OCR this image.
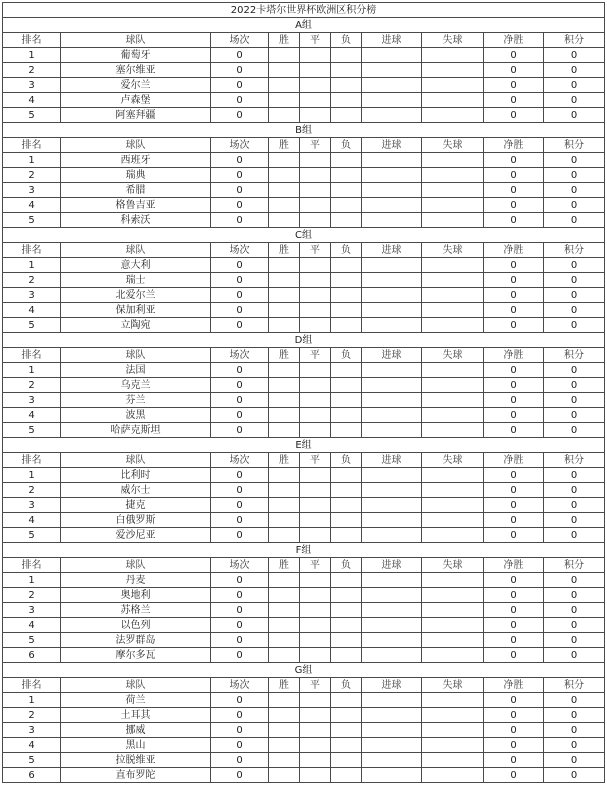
2022卡塔尔世界杯欧洲区积分榜									
A组									
排名	球队	场次	胜	平	负	进球	失球	净胜	积分
1	葡萄牙	0						0	0
2	塞尔维亚	0						0	0
3	爱尔兰	0						0	0
4	卢森堡	0						0	0
5	阿塞拜疆	0						0	0
B组									
排名	球队	场次	胜	平	负	进球	失球	净胜	积分
1	西班牙	0						0	0
2	瑞典	0						0	0
3	希腊	0						0	0
4	格鲁吉亚	0						0	0
5	科索沃	0						0	0
C组									
排名	球队	场次	胜	平	负	进球	失球	净胜	积分
1	意大利	0						0	0
2	瑞士	0						0	0
3	北爱尔兰	0						0	0
4	保加利亚	0						0	0
5	立陶宛	0						0	0
D组									
排名	球队	场次	胜	平	负	进球	失球	净胜	积分
1	法国	0						0	0
2	乌克兰	0						0	0
3	芬兰	0						0	0
4	波黑	0						0	0
5	哈萨克斯坦	0						0	0
E组									
排名	球队	场次	胜	平	负	进球	失球	净胜	积分
1	比利时	0						0	0
2	威尔士	0						0	0
3	捷克	0						0	0
4	白俄罗斯	0						0	0
5	爱沙尼亚	0						0	0
F组									
排名	球队	场次	胜	平	负	进球	失球	净胜	积分
1	丹麦	0						0	0
2	奥地利	0						0	0
3	苏格兰	0						0	0
4	以色列	0						0	0
5	法罗群岛	0						0	0
6	摩尔多瓦	0						0	0
G组									
排名	球队	场次	胜	平	负	进球	失球	净胜	积分
1	荷兰	0						0	0
2	土耳其	0						0	0
3	挪威	0						0	0
4	黑山	0						0	0
5	拉脱维亚	0						0	0
6	直布罗陀	0						0	0
